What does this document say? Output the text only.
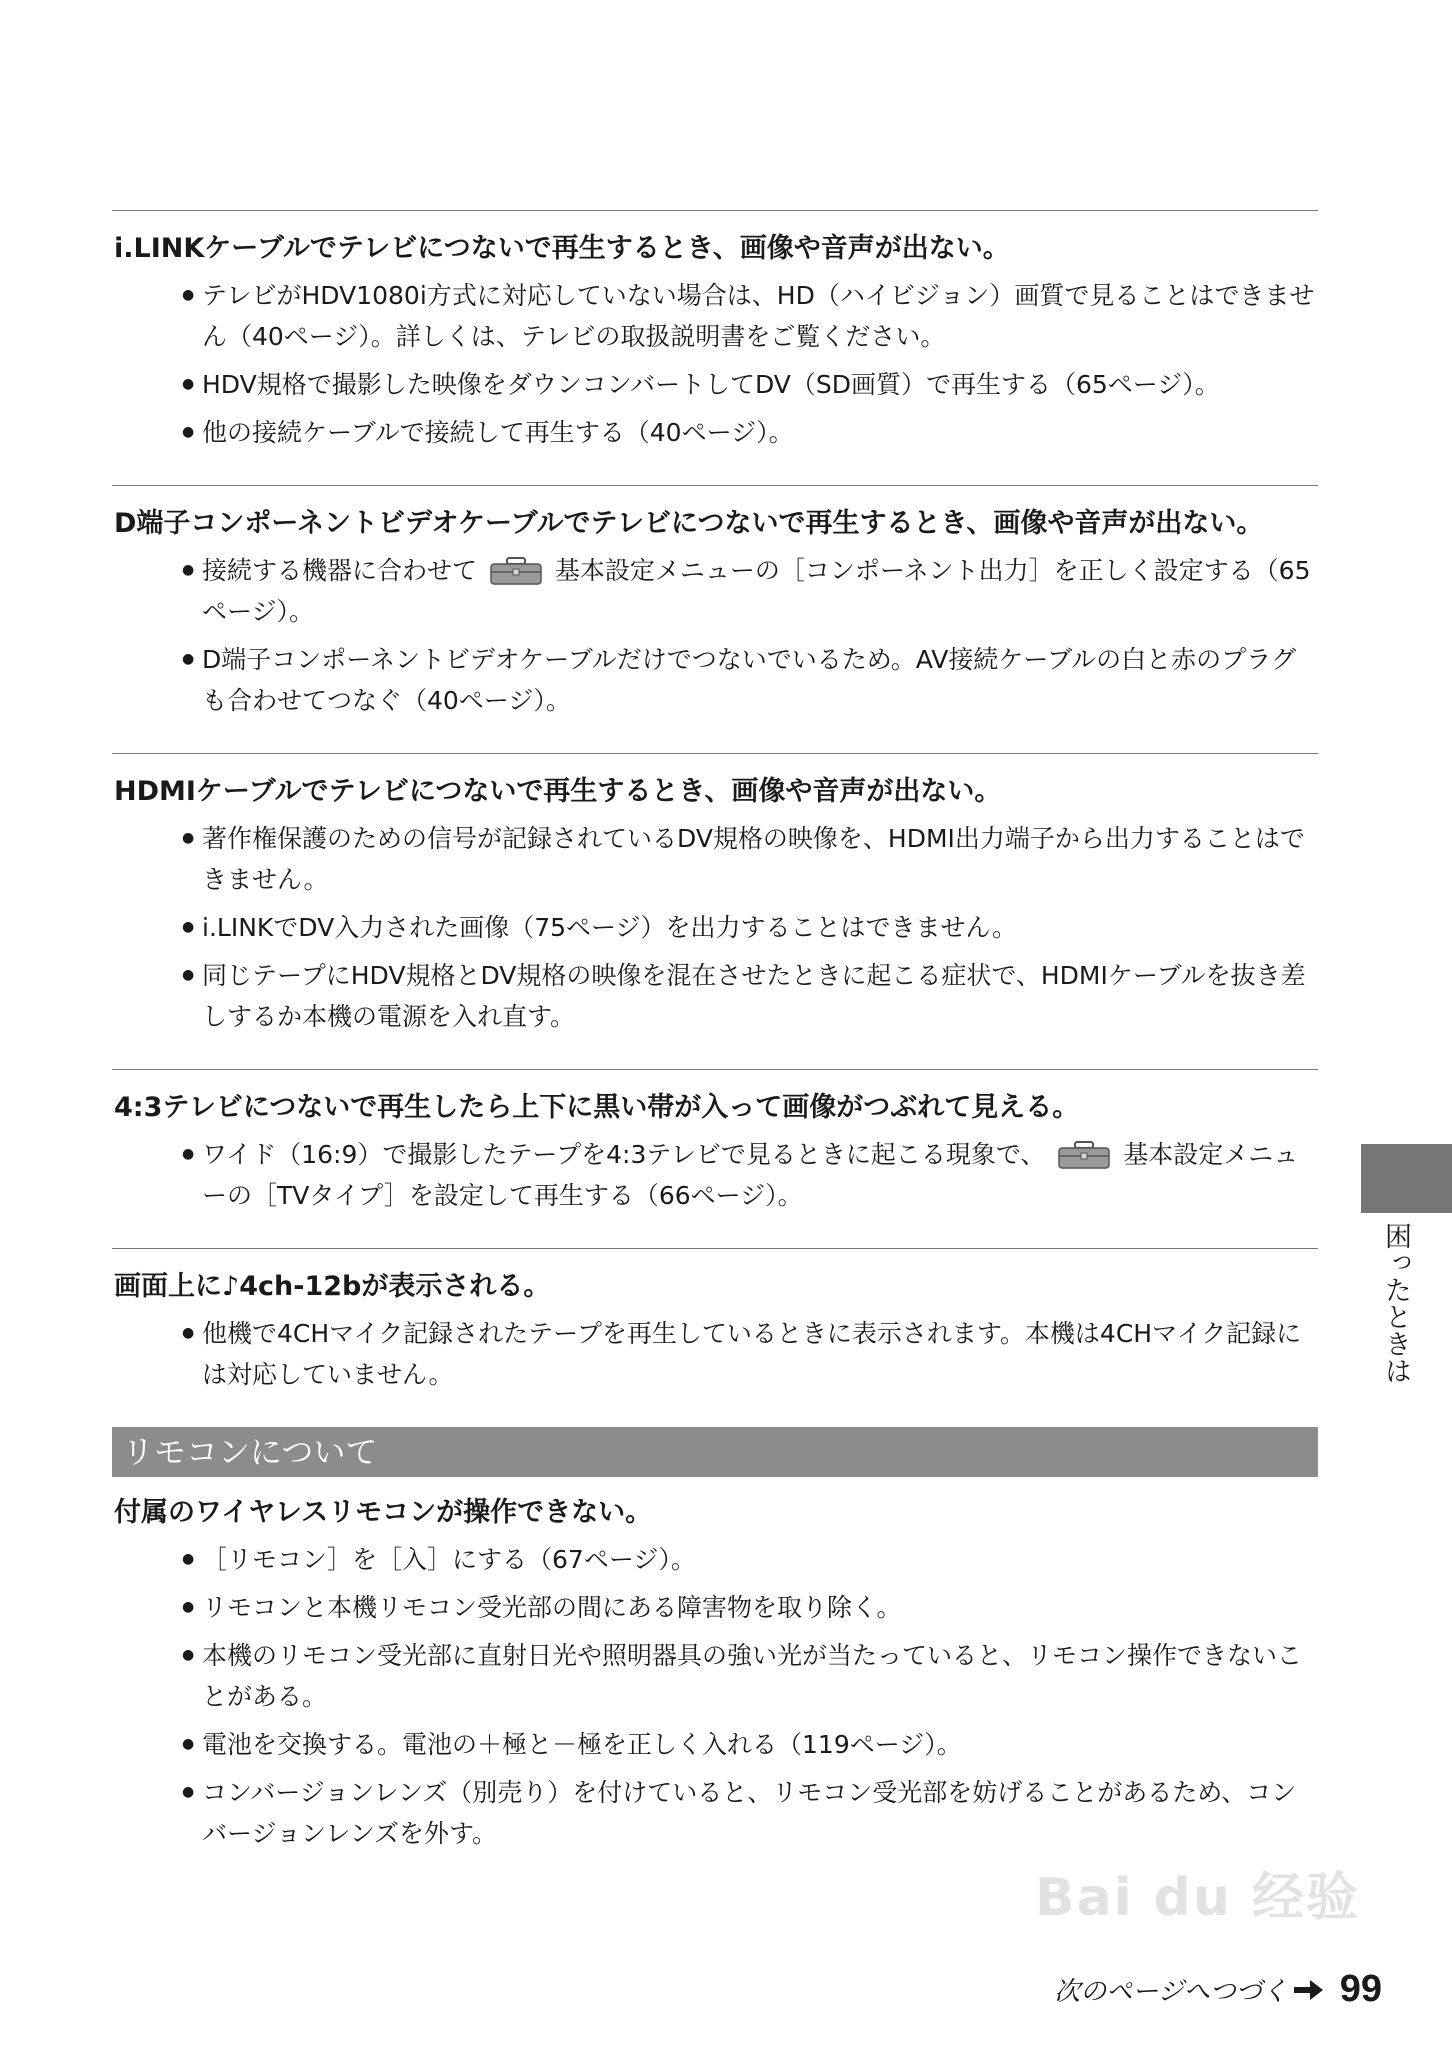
i.LINKケーブルでテレビにつないで再生するとき、画像や音声が出ない。
● テレビがHDV1080i方式に対応していない場合は、HD（ハイビジョン）画質で見ることはできません（40ページ）。詳しくは、テレビの取扱説明書をご覧ください。
● HDV規格で撮影した映像をダウンコンバートしてDV（SD画質）で再生する（65ページ）。
● 他の接続ケーブルで接続して再生する（40ページ）。
D端子コンポーネントビデオケーブルでテレビにつないで再生するとき、画像や音声が出ない。
● 接続する機器に合わせて	基本設定メニューの［コンポーネント出力］を正しく設定する（65ページ）。
● D端子コンポーネントビデオケーブルだけでつないでいるため。AV接続ケーブルの白と赤のプラグも合わせてつなぐ（40ページ）。
HDMIケーブルでテレビにつないで再生するとき、画像や音声が出ない。
● 著作権保護のための信号が記録されているDV規格の映像を、HDMI出力端子から出力することはできません。
● i.LINKでDV入力された画像（75ページ）を出力することはできません。
● 同じテープにHDV規格とDV規格の映像を混在させたときに起こる症状で、HDMIケーブルを抜き差しするか本機の電源を入れ直す。
4:3テレビにつないで再生したら上下に黒い帯が入って画像がつぶれて見える。
● ワイド（16:9）で撮影したテープを4:3テレビで見るときに起こる現象で、	基本設定メニューの［TVタイプ］を設定して再生する（66ページ）。
画面上に♪4ch-12bが表示される。
● 他機で4CHマイク記録されたテープを再生しているときに表示されます。本機は4CHマイク記録には対応していません。
リモコンについて
付属のワイヤレスリモコンが操作できない。
● ［リモコン］を［入］にする（67ページ）。
● リモコンと本機リモコン受光部の間にある障害物を取り除く。
● 本機のリモコン受光部に直射日光や照明器具の強い光が当たっていると、リモコン操作できないことがある。
● 電池を交換する。電池の＋極と－極を正しく入れる（119ページ）。
● コンバージョンレンズ（別売り）を付けていると、リモコン受光部を妨げることがあるため、コンバージョンレンズを外す。
困ったときは
Bai du 经验
次のページへつづく 99
